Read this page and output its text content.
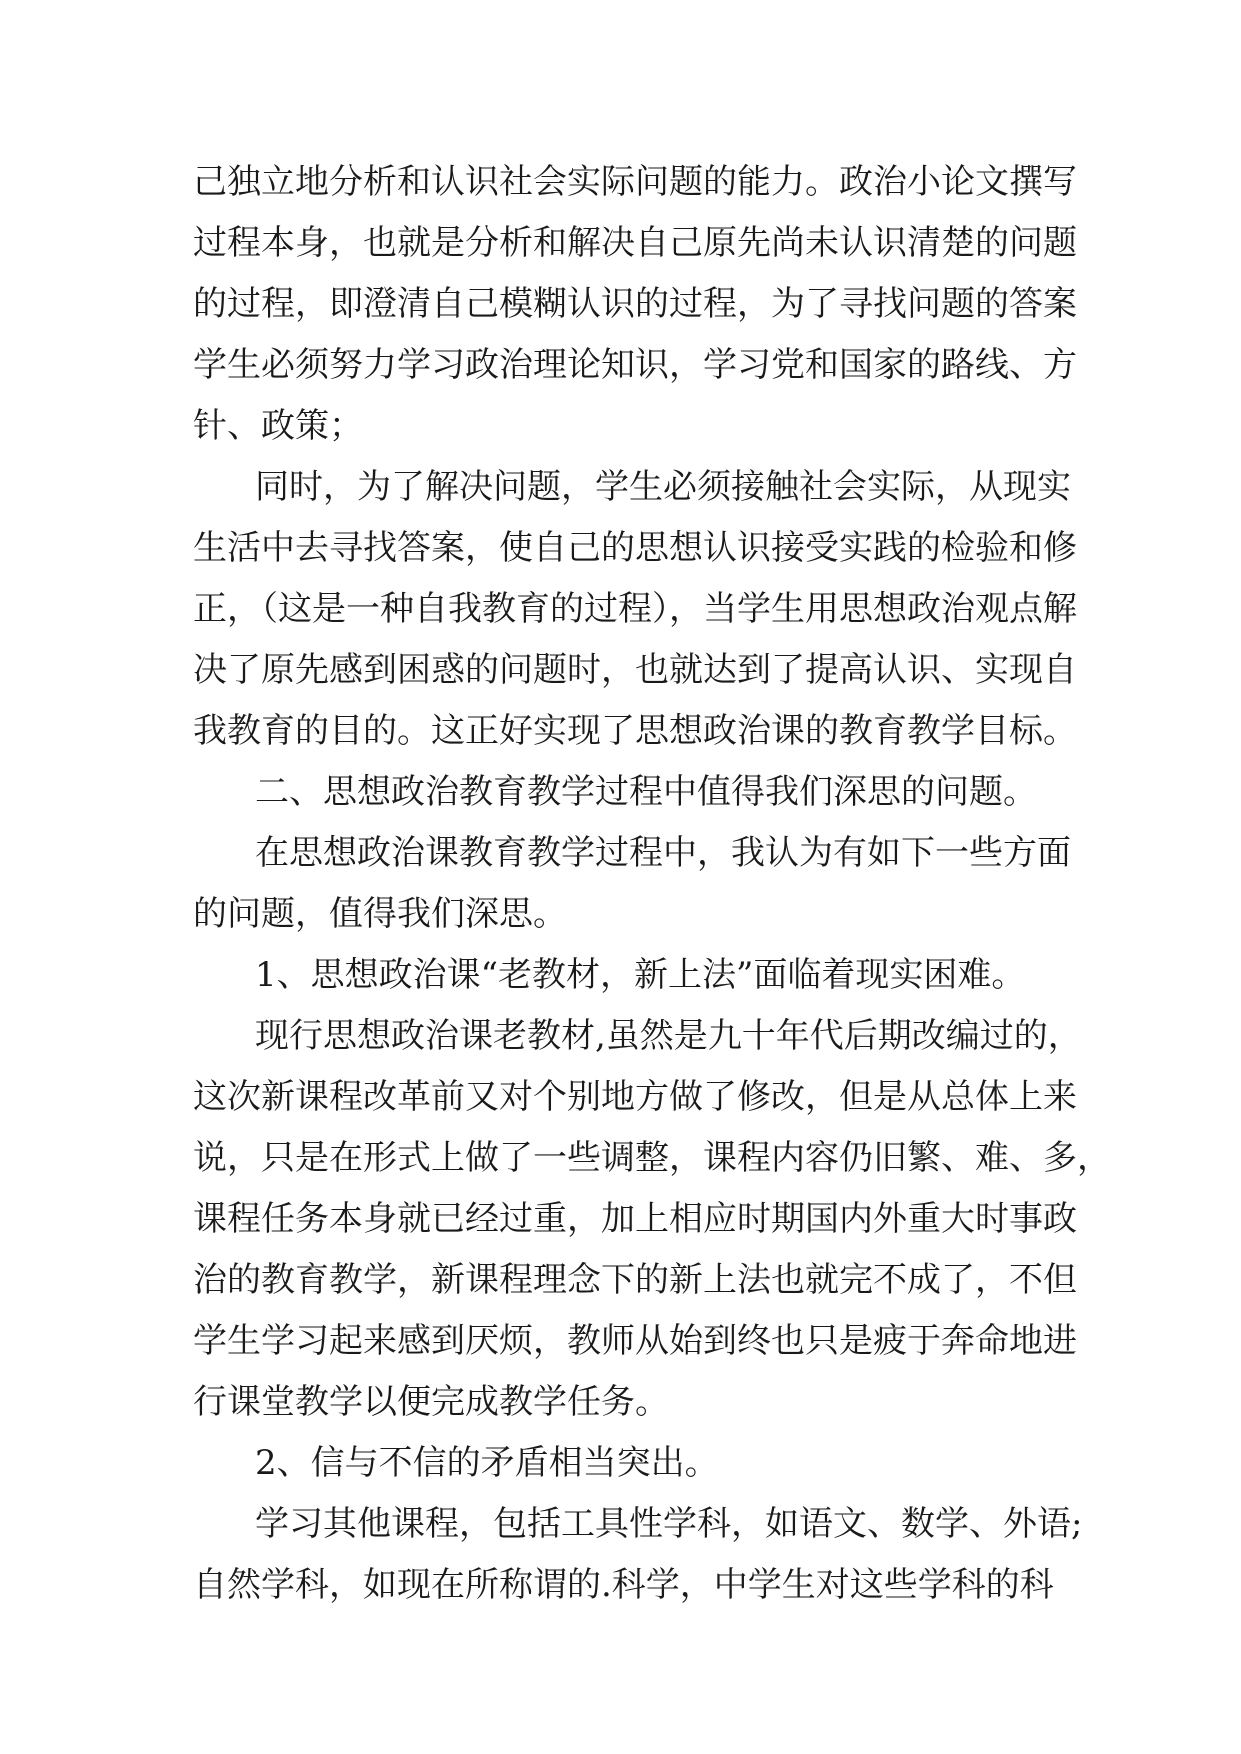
己独立地分析和认识社会实际问题的能力。政治小论文撰写

过程本身，也就是分析和解决自己原先尚未认识清楚的问题

的过程，即澄清自己模糊认识的过程，为了寻找问题的答案

学生必须努力学习政治理论知识，学习党和国家的路线、方

针、政策；

同时，为了解决问题，学生必须接触社会实际，从现实

生活中去寻找答案，使自己的思想认识接受实践的检验和修

正，（这是一种自我教育的过程），当学生用思想政治观点解

决了原先感到困惑的问题时，也就达到了提高认识、实现自

我教育的目的。这正好实现了思想政治课的教育教学目标。

二、思想政治教育教学过程中值得我们深思的问题。

在思想政治课教育教学过程中，我认为有如下一些方面

的问题，值得我们深思。

1、思想政治课“老教材，新上法”面临着现实困难。

现行思想政治课老教材,虽然是九十年代后期改编过的，

这次新课程改革前又对个别地方做了修改，但是从总体上来

说，只是在形式上做了一些调整，课程内容仍旧繁、难、多，

课程任务本身就已经过重，加上相应时期国内外重大时事政

治的教育教学，新课程理念下的新上法也就完不成了，不但

学生学习起来感到厌烦，教师从始到终也只是疲于奔命地进

行课堂教学以便完成教学任务。

2、信与不信的矛盾相当突出。

学习其他课程，包括工具性学科，如语文、数学、外语;

自然学科，如现在所称谓的.科学，中学生对这些学科的科
